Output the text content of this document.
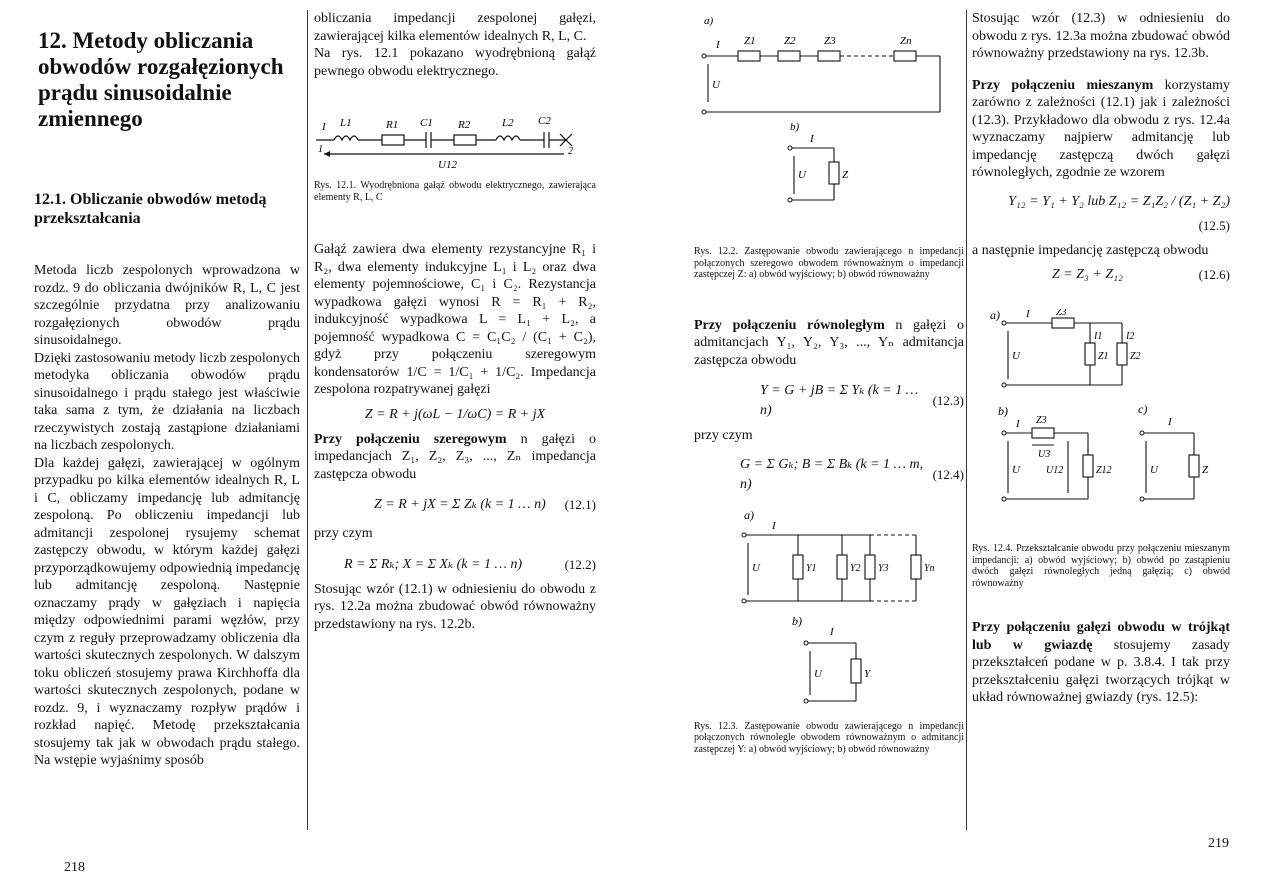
12. Metody obliczania obwodów rozgałęzionych prądu sinusoidalnie zmiennego
12.1. Obliczanie obwodów metodą przekształcania

Metoda liczb zespolonych wprowadzona w rozdz. 9 do obliczania dwójników R, L, C jest szczególnie przydatna przy analizowaniu rozgałęzionych obwodów prądu sinusoidalnego.

Dzięki zastosowaniu metody liczb zespolonych metodyka obliczania obwodów prądu sinusoidalnego i prądu stałego jest właściwie taka sama z tym, że działania na liczbach rzeczywistych zostają zastąpione działaniami na liczbach zespolonych.

Dla każdej gałęzi, zawierającej w ogólnym przypadku po kilka elementów idealnych R, L i C, obliczamy impedancję lub admitancję zespoloną. Po obliczeniu impedancji lub admitancji zespolonej rysujemy schemat zastępczy obwodu, w którym każdej gałęzi przyporządkowujemy odpowiednią impedancję lub admitancję zespoloną. Następnie oznaczamy prądy w gałęziach i napięcia między odpowiednimi parami węzłów, przy czym z reguły przeprowadzamy obliczenia dla wartości skutecznych zespolonych. W dalszym toku obliczeń stosujemy prawa Kirchhoffa dla wartości skutecznych zespolonych, podane w rozdz. 9, i wyznaczamy rozpływ prądów i rozkład napięć. Metodę przekształcania stosujemy tak jak w obwodach prądu stałego. Na wstępie wyjaśnimy sposób

obliczania impedancji zespolonej gałęzi, zawierającej kilka elementów idealnych R, L, C.

Na rys. 12.1 pokazano wyodrębnioną gałąź pewnego obwodu elektrycznego.

I L1	R1 C1 R2	L2 C2
1	2
U12

Rys. 12.1. Wyodrębniona gałąź obwodu elektrycznego, zawierająca elementy R, L, C

Gałąź zawiera dwa elementy rezystancyjne R₁ i R₂, dwa elementy indukcyjne L₁ i L₂ oraz dwa elementy pojemnościowe, C₁ i C₂. Rezystancja wypadkowa gałęzi wynosi R = R₁ + R₂, indukcyjność wypadkowa L = L₁ + L₂, a pojemność wypadkowa C = C₁C₂ / (C₁ + C₂), gdyż przy połączeniu szeregowym kondensatorów 1/C = 1/C₁ + 1/C₂. Impedancja zespolona rozpatrywanej gałęzi

Z = R + j(ωL − 1/ωC) = R + jX

Przy połączeniu szeregowym n gałęzi o impedancjach Z₁, Z₂, Z₃, ..., Zₙ impedancja zastępcza obwodu

Z = R + jX = Σ Zₖ (k = 1 … n) (12.1)

przy czym

R = Σ Rₖ; X = Σ Xₖ (k = 1 … n)	(12.2)

Stosując wzór (12.1) w odniesieniu do obwodu z rys. 12.2a można zbudować obwód równoważny przedstawiony na rys. 12.2b.

218
a)
I Z1	Z2	Z3	Zn
U
b)
I
U	Z

Rys. 12.2. Zastępowanie obwodu zawierającego n impedancji połączonych szeregowo obwodem równoważnym o impedancji zastępczej Z: a) obwód wyjściowy; b) obwód równoważny

Przy połączeniu równoległym n gałęzi o admitancjach Y₁, Y₂, Y₃, ..., Yₙ admitancja zastępcza obwodu

Y = G + jB = Σ Yₖ (k = 1 … n)
(12.3)

przy czym

G = Σ Gₖ; B = Σ Bₖ (k = 1 … m, n)
(12.4)
a)
I
U	Y1	Y2 Y3	Yn
b)
I
U	Y

Rys. 12.3. Zastępowanie obwodu zawierającego n impedancji połączonych równolegle obwodem równoważnym o admitancji zastępczej Y: a) obwód wyjściowy; b) obwód równoważny

Stosując wzór (12.3) w odniesieniu do obwodu z rys. 12.3a można zbudować obwód równoważny przedstawiony na rys. 12.3b.

Przy połączeniu mieszanym korzystamy zarówno z zależności (12.1) jak i zależności (12.3). Przykładowo dla obwodu z rys. 12.4a wyznaczamy najpierw admitancję lub impedancję zastępczą dwóch gałęzi równoległych, zgodnie ze wzorem

Y₁₂ = Y₁ + Y₂ lub Z₁₂ = Z₁Z₂ / (Z₁ + Z₂)
(12.5)

a następnie impedancję zastępczą obwodu

Z = Z₃ + Z₁₂	(12.6)
a) I	Z3
I1 I2
U	Z1 Z2
b)
I Z3
U3
U	U12	Z12
c)
I
U	Z

Rys. 12.4. Przekształcanie obwodu przy połączeniu mieszanym impedancji: a) obwód wyjściowy; b) obwód po zastąpieniu dwóch gałęzi równoległych jedną gałęzią; c) obwód równoważny

Przy połączeniu gałęzi obwodu w trójkąt lub w gwiazdę stosujemy zasady przekształceń podane w p. 3.8.4. I tak przy przekształceniu gałęzi tworzących trójkąt w układ równoważnej gwiazdy (rys. 12.5):

219
